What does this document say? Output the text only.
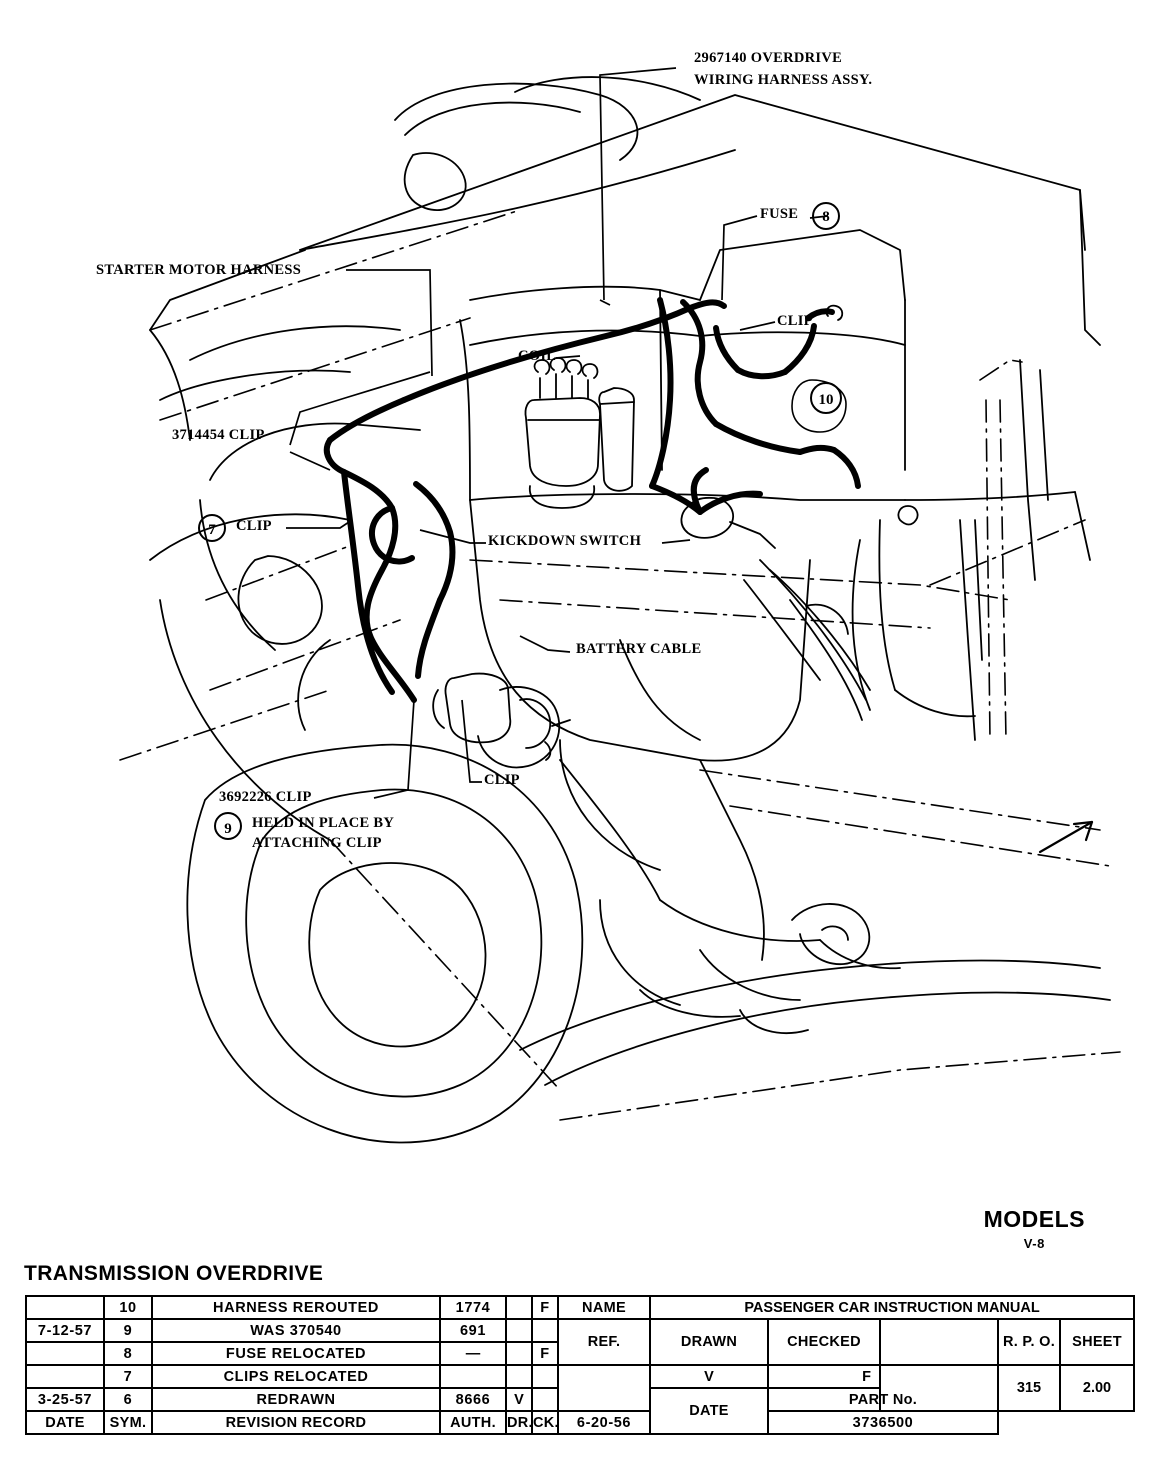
8
10
7
9
2967140 OVERDRIVE
WIRING HARNESS ASSY.
STARTER MOTOR HARNESS
FUSE
CLIP
COIL
3714454 CLIP
CLIP
KICKDOWN SWITCH
BATTERY CABLE
CLIP
3692226 CLIP
HELD IN PLACE BY
ATTACHING CLIP
MODELS
V-8
TRANSMISSION OVERDRIVE
	10	HARNESS REROUTED	1774		F	NAME	PASSENGER CAR INSTRUCTION MANUAL				
7-12-57	9	WAS 370540	691			REF.	DRAWN	CHECKED		R. P. O.	SHEET
	8	FUSE RELOCATED	—		F						
	7	CLIPS RELOCATED					V	F		315	2.00
3-25-57	6	REDRAWN	8666	V			DATE	PART No.			
DATE	SYM.	REVISION RECORD	AUTH.	DR.	CK.	6-20-56		3736500			
